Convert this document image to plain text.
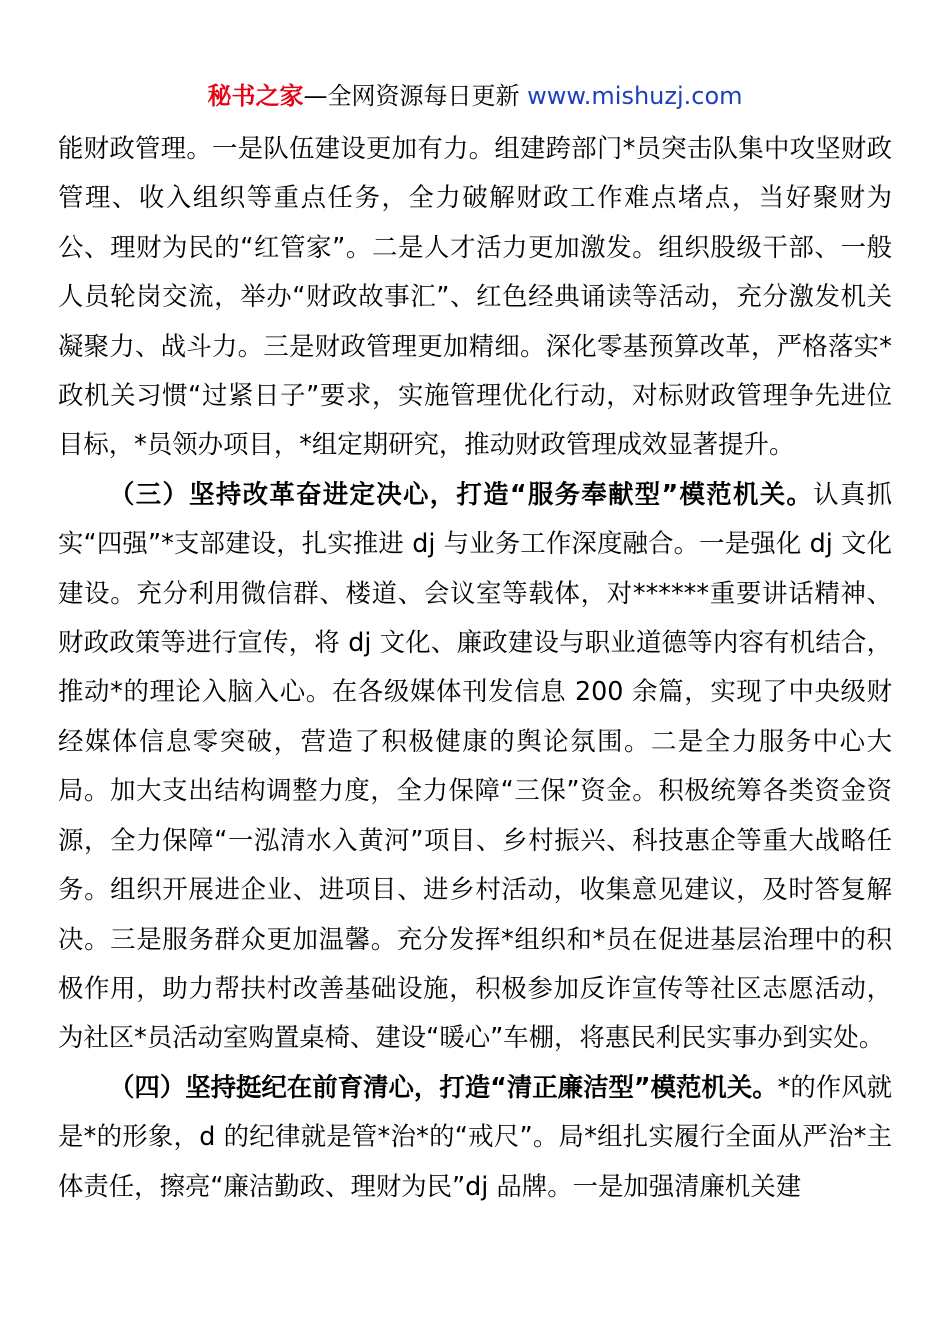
秘书之家—全网资源每日更新 www.mishuzj.com

能财政管理。一是队伍建设更加有力。组建跨部门*员突击队集中攻坚财政管理、收入组织等重点任务，全力破解财政工作难点堵点，当好聚财为公、理财为民的“红管家”。二是人才活力更加激发。组织股级干部、一般人员轮岗交流，举办“财政故事汇”、红色经典诵读等活动，充分激发机关凝聚力、战斗力。三是财政管理更加精细。深化零基预算改革，严格落实*政机关习惯“过紧日子”要求，实施管理优化行动，对标财政管理争先进位目标，*员领办项目，*组定期研究，推动财政管理成效显著提升。

（三）坚持改革奋进定决心，打造“服务奉献型”模范机关。认真抓实“四强”*支部建设，扎实推进 dj 与业务工作深度融合。一是强化 dj 文化建设。充分利用微信群、楼道、会议室等载体，对******重要讲话精神、财政政策等进行宣传，将 dj 文化、廉政建设与职业道德等内容有机结合，推动*的理论入脑入心。在各级媒体刊发信息 200 余篇，实现了中央级财经媒体信息零突破，营造了积极健康的舆论氛围。二是全力服务中心大局。加大支出结构调整力度，全力保障“三保”资金。积极统筹各类资金资源，全力保障“一泓清水入黄河”项目、乡村振兴、科技惠企等重大战略任务。组织开展进企业、进项目、进乡村活动，收集意见建议，及时答复解决。三是服务群众更加温馨。充分发挥*组织和*员在促进基层治理中的积极作用，助力帮扶村改善基础设施，积极参加反诈宣传等社区志愿活动，为社区*员活动室购置桌椅、建设“暖心”车棚，将惠民利民实事办到实处。

（四）坚持挺纪在前育清心，打造“清正廉洁型”模范机关。*的作风就是*的形象，d 的纪律就是管*治*的“戒尺”。局*组扎实履行全面从严治*主体责任，擦亮“廉洁勤政、理财为民”dj 品牌。一是加强清廉机关建
